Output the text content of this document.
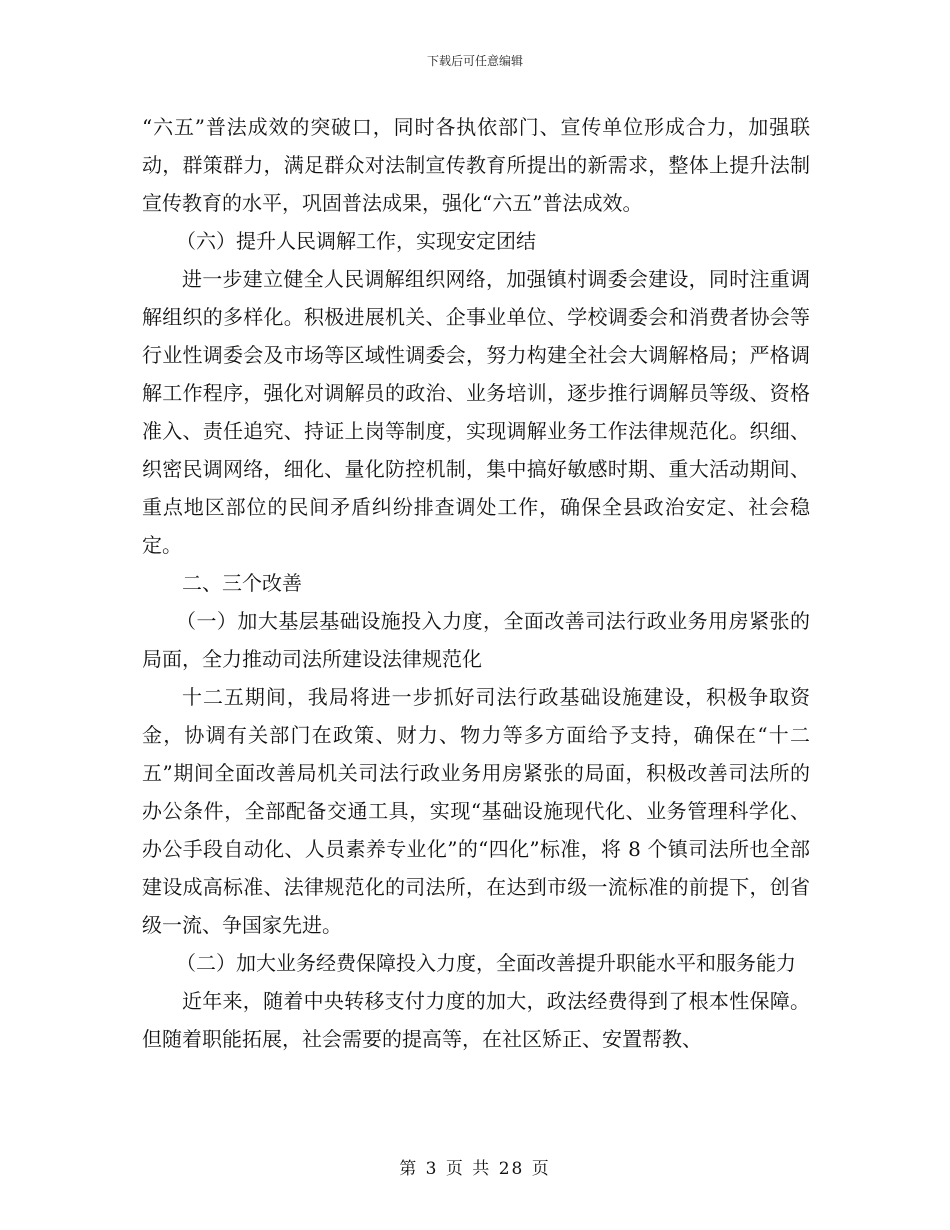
下载后可任意编辑

“六五”普法成效的突破口，同时各执依部门、宣传单位形成合力，加强联动，群策群力，满足群众对法制宣传教育所提出的新需求，整体上提升法制宣传教育的水平，巩固普法成果，强化“六五”普法成效。

（六）提升人民调解工作，实现安定团结

进一步建立健全人民调解组织网络，加强镇村调委会建设，同时注重调解组织的多样化。积极进展机关、企事业单位、学校调委会和消费者协会等行业性调委会及市场等区域性调委会，努力构建全社会大调解格局；严格调解工作程序，强化对调解员的政治、业务培训，逐步推行调解员等级、资格准入、责任追究、持证上岗等制度，实现调解业务工作法律规范化。织细、织密民调网络，细化、量化防控机制，集中搞好敏感时期、重大活动期间、重点地区部位的民间矛盾纠纷排查调处工作，确保全县政治安定、社会稳定。

二、三个改善

（一）加大基层基础设施投入力度，全面改善司法行政业务用房紧张的局面，全力推动司法所建设法律规范化

十二五期间，我局将进一步抓好司法行政基础设施建设，积极争取资金，协调有关部门在政策、财力、物力等多方面给予支持，确保在“十二五”期间全面改善局机关司法行政业务用房紧张的局面，积极改善司法所的办公条件，全部配备交通工具，实现“基础设施现代化、业务管理科学化、办公手段自动化、人员素养专业化”的“四化”标准，将 8 个镇司法所也全部建设成高标准、法律规范化的司法所，在达到市级一流标准的前提下，创省级一流、争国家先进。

（二）加大业务经费保障投入力度，全面改善提升职能水平和服务能力

近年来，随着中央转移支付力度的加大，政法经费得到了根本性保障。但随着职能拓展，社会需要的提高等，在社区矫正、安置帮教、

第 3 页 共 28 页
